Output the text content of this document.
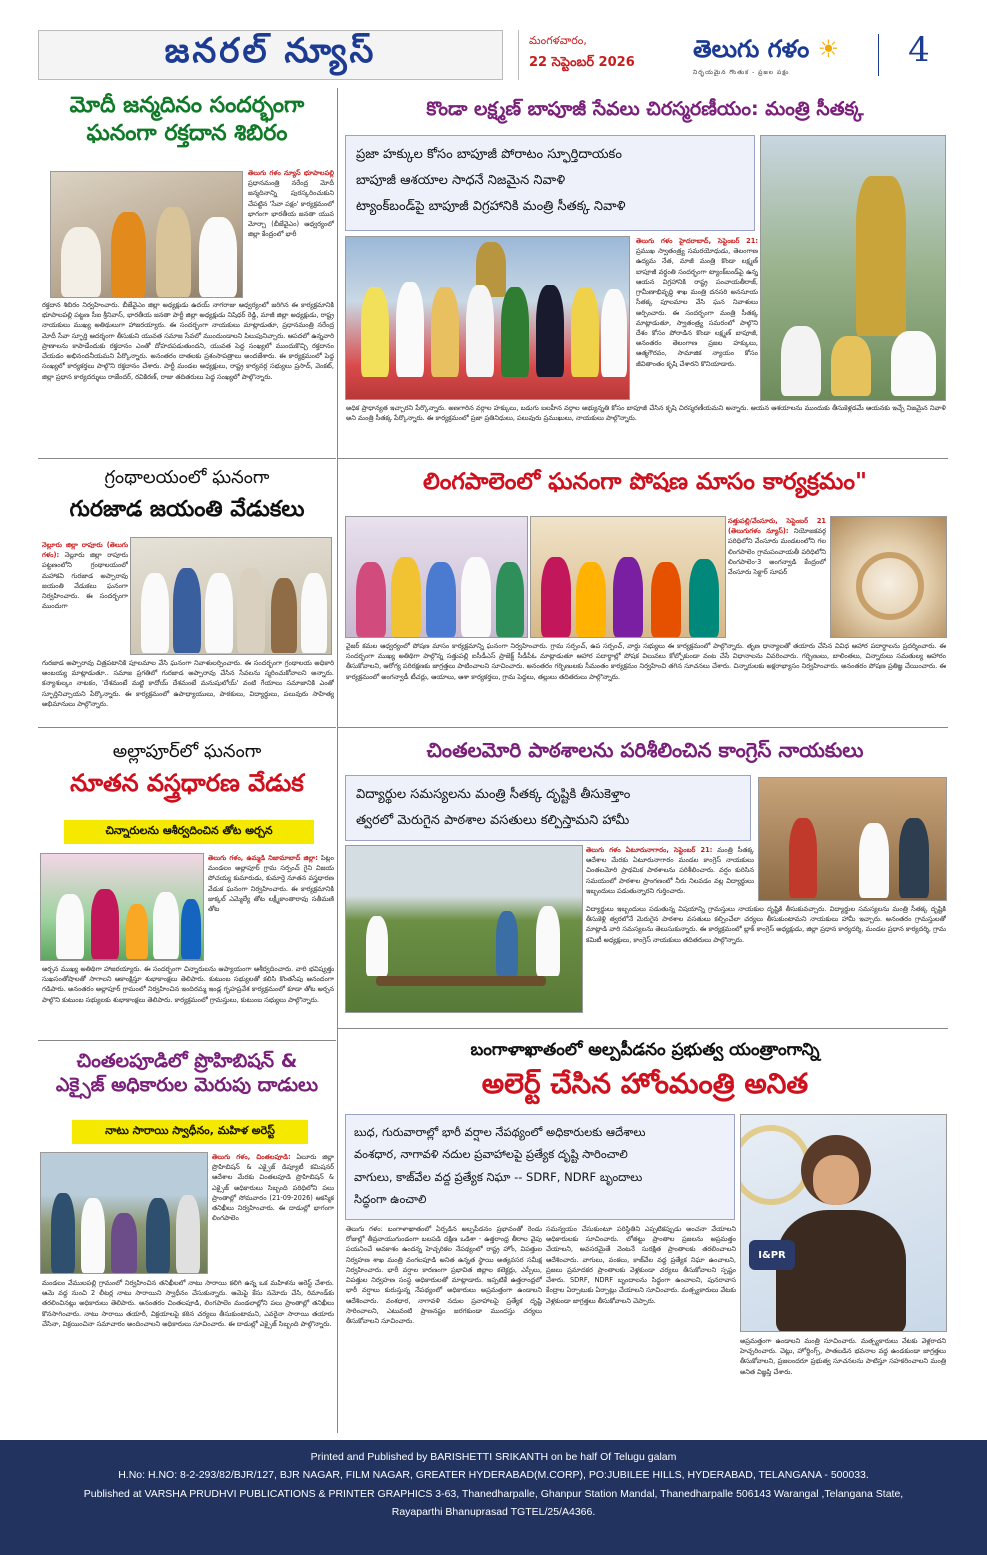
జనరల్ న్యూస్	మంగళవారం,
22 సెప్టెంబర్ 2026	తెలుగు గళం ☀
నిర్భయమైన గొంతుక - ప్రజల పక్షం
4
మోదీ జన్మదినం సందర్భంగా
ఘనంగా రక్తదాన శిబిరం
తెలుగు గళం న్యూస్ భూపాలపల్లి ప్రధానమంత్రి నరేంద్ర మోదీ జన్మదినాన్ని పురస్కరించుకుని చేపట్టిన 'సేవా పక్షం' కార్యక్రమంలో భాగంగా భారతీయ జనతా యువ మోర్చా (బీజేవైఎం) ఆధ్వర్యంలో జిల్లా కేంద్రంలో భారీ
రక్తదాన శిబిరం నిర్వహించారు. బీజేవైఎం జిల్లా అధ్యక్షుడు ఉదయ్ నాగరాజు ఆధ్వర్యంలో జరిగిన ఈ కార్యక్రమానికి భూపాలపల్లి పట్టణ సీఐ శ్రీనివాస్, భారతీయ జనతా పార్టీ జిల్లా అధ్యక్షుడు నిషిధర్ రెడ్డి, మాజీ జిల్లా అధ్యక్షుడు, రాష్ట్ర నాయకులు ముఖ్య అతిథులుగా హాజరయ్యారు. ఈ సందర్భంగా నాయకులు మాట్లాడుతూ, ప్రధానమంత్రి నరేంద్ర మోదీ సేవా స్ఫూర్తి ఆదర్శంగా తీసుకుని యువత సమాజ సేవలో ముందుండాలని పిలుపునిచ్చారు. ఆపదలో ఉన్నవారి ప్రాణాలను కాపాడేందుకు రక్తదానం ఎంతో దోహదపడుతుందని, యువత పెద్ద సంఖ్యలో ముందుకొచ్చి రక్తదానం చేయడం అభినందనీయమని పేర్కొన్నారు. అనంతరం దాతలకు ప్రశంసాపత్రాలు అందజేశారు. ఈ కార్యక్రమంలో పెద్ద సంఖ్యలో కార్యకర్తలు పాల్గొని రక్తదానం చేశారు. పార్టీ మండల అధ్యక్షులు, రాష్ట్ర కార్యవర్గ సభ్యులు ప్రసాద్, వెంకట్, జిల్లా ప్రధాన కార్యదర్శులు రాజేందర్, రవికిరణ్, రాజు తదితరులు పెద్ద సంఖ్యలో పాల్గొన్నారు.
కొండా లక్ష్మణ్ బాపూజీ సేవలు చిరస్మరణీయం: మంత్రి సీతక్క
ప్రజా హక్కుల కోసం బాపూజీ పోరాటం స్ఫూర్తిదాయకం
బాపూజీ ఆశయాల సాధనే నిజమైన నివాళి
ట్యాంక్‌బండ్‌పై బాపూజీ విగ్రహానికి మంత్రి సీతక్క నివాళి
తెలుగు గళం హైదరాబాద్, సెప్టెంబర్ 21: ప్రముఖ స్వాతంత్ర్య సమరయోధుడు, తెలంగాణ ఉద్యమ నేత, మాజీ మంత్రి కొండా లక్ష్మణ్ బాపూజీ వర్ధంతి సందర్భంగా ట్యాంక్‌బండ్‌పై ఉన్న ఆయన విగ్రహానికి రాష్ట్ర పంచాయతీరాజ్, గ్రామీణాభివృద్ధి శాఖ మంత్రి దనసరి అనసూయ సీతక్క పూలమాల వేసి ఘన నివాళులు అర్పించారు. ఈ సందర్భంగా మంత్రి సీతక్క మాట్లాడుతూ, స్వాతంత్ర్య సమరంలో పాల్గొని దేశం కోసం పోరాడిన కొండా లక్ష్మణ్ బాపూజీ, అనంతరం తెలంగాణ ప్రజల హక్కులు, ఆత్మగౌరవం, సామాజిక న్యాయం కోసం జీవితాంతం కృషి చేశారని కొనియాడారు.
అధిక ప్రాధాన్యత ఇచ్చారని పేర్కొన్నారు. అణగారిన వర్గాల హక్కులు, బడుగు బలహీన వర్గాల అభ్యున్నతి కోసం బాపూజీ చేసిన కృషి చిరస్మరణీయమని అన్నారు. ఆయన ఆశయాలను ముందుకు తీసుకెళ్లడమే ఆయనకు ఇచ్చే నిజమైన నివాళి అని మంత్రి సీతక్క పేర్కొన్నారు. ఈ కార్యక్రమంలో ప్రజా ప్రతినిధులు, పలువురు ప్రముఖులు, నాయకులు పాల్గొన్నారు.
గ్రంథాలయంలో ఘనంగా
గురజాడ జయంతి వేడుకలు
నెల్లూరు జిల్లా రాపూరు (తెలుగు గళం): నెల్లూరు జిల్లా రాపూరు పట్టణంలోని గ్రంథాలయంలో మహాకవి గురజాడ అప్పారావు జయంతి వేడుకలు ఘనంగా నిర్వహించారు. ఈ సందర్భంగా ముందుగా
గురజాడ అప్పారావు చిత్రపటానికి పూలమాల వేసి ఘనంగా నివాళులర్పించారు. ఈ సందర్భంగా గ్రంథాలయ అధికారి అంబయ్య మాట్లాడుతూ.. సమాజ ప్రగతిలో గురజాడ అప్పారావు చేసిన సేవలను స్మరించుకోవాలని అన్నారు. కన్యాశుల్కం నాటకం, 'దేశమంటే మట్టి కాదోయ్ దేశమంటే మనుషులోయ్' వంటి గేయాలు సమాజానికి ఎంతో స్ఫూర్తినిచ్చాయని పేర్కొన్నారు. ఈ కార్యక్రమంలో ఉపాధ్యాయులు, పాఠకులు, విద్యార్థులు, పలువురు సాహిత్య అభిమానులు పాల్గొన్నారు.
లింగపాలెంలో ఘనంగా పోషణ మాసం కార్యక్రమం"
సత్తుపల్లి/వేంసూరు, సెప్టెంబర్ 21 (తెలుగుగళం న్యూస్): నియోజకవర్గ పరిధిలోని వేంసూరు మండలంలోని గల లింగపాలెం గ్రామపంచాయతీ పరిధిలోని లింగపాలెం-3 అంగన్వాడి కేంద్రంలో వేంసూరు సెక్టార్ సూపర్
వైజర్ కమల ఆధ్వర్యంలో పోషణ మాసం కార్యక్రమాన్ని ఘనంగా నిర్వహించారు. గ్రామ సర్పంచ్, ఉప సర్పంచ్, వార్డు సభ్యులు ఈ కార్యక్రమంలో పాల్గొన్నారు. తృణ ధాన్యాలతో తయారు చేసిన వివిధ ఆహార పదార్థాలను ప్రదర్శించారు. ఈ సందర్భంగా ముఖ్య అతిథిగా పాల్గొన్న సత్తుపల్లి ఐసీడీఎస్ ప్రాజెక్ట్ సీడీపీఓ మాట్లాడుతూ ఆహార పదార్థాల్లో పోషక విలువలు కోల్పోకుండా వంట చేసే విధానాలను వివరించారు. గర్భిణులు, బాలింతలు, చిన్నారులు సమతుల్య ఆహారం తీసుకోవాలని, ఆరోగ్య పరిరక్షణకు జాగ్రత్తలు పాటించాలని సూచించారు. అనంతరం గర్భిణులకు సీమంతం కార్యక్రమం నిర్వహించి తగిన సూచనలు చేశారు. చిన్నారులకు అక్షరాభ్యాసం నిర్వహించారు. అనంతరం పోషణ ప్రతిజ్ఞ చేయించారు. ఈ కార్యక్రమంలో అంగన్వాడీ టీచర్లు, ఆయాలు, ఆశా కార్యకర్తలు, గ్రామ పెద్దలు, తల్లులు తదితరులు పాల్గొన్నారు.
అల్లాపూర్‌లో ఘనంగా
నూతన వస్త్రధారణ వేడుక
చిన్నారులను ఆశీర్వదించిన తోట అర్చన
తెలుగు గళం, ఉమ్మడి నిజామాబాద్ జిల్లా: పిట్లం మండలం అల్లాపూర్ గ్రామ సర్పంచ్ గైని విజయ పోచయ్య కుమారుడు, కుమార్తె నూతన వస్త్రధారణ వేడుక ఘనంగా నిర్వహించారు. ఈ కార్యక్రమానికి జుక్కల్ ఎమ్మెల్యే తోట లక్ష్మీకాంతారావు సతీమణి తోట
అర్చన ముఖ్య అతిథిగా హాజరయ్యారు. ఈ సందర్భంగా చిన్నారులను ఆప్యాయంగా ఆశీర్వదించారు. వారి భవిష్యత్తు సుఖసంతోషాలతో సాగాలని ఆకాంక్షిస్తూ శుభాకాంక్షలు తెలిపారు. కుటుంబ సభ్యులతో కలిసి కొంతసేపు ఆనందంగా గడిపారు. అనంతరం అల్లాపూర్ గ్రామంలో నిర్వహించిన ఇందిరమ్మ ఇండ్ల గృహప్రవేశ కార్యక్రమంలో కూడా తోట అర్చన పాల్గొని కుటుంబ సభ్యులకు శుభాకాంక్షలు తెలిపారు. కార్యక్రమంలో గ్రామస్తులు, కుటుంబ సభ్యులు పాల్గొన్నారు.
చింతలమోరి పాఠశాలను పరిశీలించిన కాంగ్రెస్ నాయకులు
విద్యార్థుల సమస్యలను మంత్రి సీతక్క దృష్టికి తీసుకెళ్తాం
త్వరలో మెరుగైన పాఠశాల వసతులు కల్పిస్తామని హామీ
తెలుగు గళం ఏటూరునాగారం, సెప్టెంబర్ 21: మంత్రి సీతక్క ఆదేశాల మేరకు ఏటూరునాగారం మండల కాంగ్రెస్ నాయకులు చింతలమోరి ప్రాథమిక పాఠశాలను పరిశీలించారు. వర్షం కురిసిన సమయంలో పాఠశాల ప్రాంగణంలో నీరు నిలవడం వల్ల విద్యార్థులు ఇబ్బందులు పడుతున్నారని గుర్తించారు.
విద్యార్థులు ఇబ్బందులు పడుతున్న విషయాన్ని గ్రామస్తులు నాయకుల దృష్టికి తీసుకువచ్చారు. విద్యార్థుల సమస్యలను మంత్రి సీతక్క దృష్టికి తీసుకెళ్లి త్వరలోనే మెరుగైన పాఠశాల వసతులు కల్పించేలా చర్యలు తీసుకుంటామని నాయకులు హామీ ఇచ్చారు. అనంతరం గ్రామస్తులతో మాట్లాడి వారి సమస్యలను తెలుసుకున్నారు. ఈ కార్యక్రమంలో బ్లాక్ కాంగ్రెస్ అధ్యక్షుడు, జిల్లా ప్రధాన కార్యదర్శి, మండల ప్రధాన కార్యదర్శి, గ్రామ కమిటీ అధ్యక్షులు, కాంగ్రెస్ నాయకులు తదితరులు పాల్గొన్నారు.
చింతలపూడిలో ప్రొహిబిషన్ &
ఎక్సైజ్ అధికారుల మెరుపు దాడులు
నాటు సారాయి స్వాధీనం, మహిళ అరెస్ట్
తెలుగు గళం, చింతలపూడి: ఏలూరు జిల్లా ప్రొహిబిషన్ & ఎక్సైజ్ డిప్యూటీ కమిషనర్ ఆదేశాల మేరకు చింతలపూడి ప్రొహిబిషన్ & ఎక్సైజ్ అధికారులు సిబ్బంది పరిధిలోని పలు ప్రాంతాల్లో సోమవారం (21-09-2026) ఆకస్మిక తనిఖీలు నిర్వహించారు. ఈ దాడుల్లో భాగంగా లింగపాలెం
మండలం వేములపల్లి గ్రామంలో నిర్వహించిన తనిఖీలలో నాటు సారాయి కలిగి ఉన్న ఒక మహిళను అరెస్ట్ చేశారు. ఆమె వద్ద నుంచి 2 లీటర్ల నాటు సారాయిని స్వాధీనం చేసుకున్నారు. ఆమెపై కేసు నమోదు చేసి, రిమాండ్‌కు తరలించినట్లు అధికారులు తెలిపారు. అనంతరం చింతలపూడి, లింగపాలెం మండలాల్లోని పలు ప్రాంతాల్లో తనిఖీలు కొనసాగించారు. నాటు సారాయి తయారీ, విక్రయాలపై కఠిన చర్యలు తీసుకుంటామని, ఎవరైనా సారాయి తయారు చేసినా, విక్రయించినా సమాచారం అందించాలని అధికారులు సూచించారు. ఈ దాడుల్లో ఎక్సైజ్ సిబ్బంది పాల్గొన్నారు.
బంగాళాఖాతంలో అల్పపీడనం ప్రభుత్వ యంత్రాంగాన్ని
అలెర్ట్ చేసిన హోంమంత్రి అనిత
బుధ, గురువారాల్లో భారీ వర్షాల నేపథ్యంలో అధికారులకు ఆదేశాలు
వంశధార, నాగావళి నదుల ప్రవాహాలపై ప్రత్యేక దృష్టి సారించాలి
వాగులు, కాజ్‌వేల వద్ద ప్రత్యేక నిఘా -- SDRF, NDRF బృందాలు
సిద్ధంగా ఉంచాలి
I&PR
తెలుగు గళం: బంగాళాఖాతంలో ఏర్పడిన అల్పపీడనం ప్రభావంతో రెండు రోజుల్లో తీవ్రవాయుగుండంగా బలపడి దక్షిణ ఒడిశా - ఉత్తరాంధ్ర తీరాల వైపు పయనించే అవకాశం ఉందన్న హెచ్చరికల నేపథ్యంలో రాష్ట్ర హోం, విపత్తుల నిర్వహణ శాఖ మంత్రి వంగలపూడి అనిత ఉన్నత స్థాయి అత్యవసర సమీక్ష నిర్వహించారు. భారీ వర్షాల కారణంగా ప్రభావిత జిల్లాల కలెక్టర్లు, ఎస్పీలు, విపత్తుల నిర్వహణ సంస్థ అధికారులతో మాట్లాడారు. ఇప్పటికే ఉత్తరాంధ్రలో భారీ వర్షాలు కురుస్తున్న నేపథ్యంలో అధికారులు అప్రమత్తంగా ఉండాలని ఆదేశించారు. వంశధార, నాగావళి నదుల ప్రవాహాలపై ప్రత్యేక దృష్టి సారించాలని, ఎటువంటి ప్రాణనష్టం జరగకుండా ముందస్తు చర్యలు తీసుకోవాలని సూచించారు.
సమన్వయం చేసుకుంటూ పరిస్థితిని ఎప్పటికప్పుడు అంచనా వేయాలని అధికారులకు సూచించారు. లోతట్టు ప్రాంతాల ప్రజలను అప్రమత్తం చేయాలని, అవసరమైతే వెంటనే సురక్షిత ప్రాంతాలకు తరలించాలని ఆదేశించారు. వాగులు, వంకలు, కాజ్‌వేల వద్ద ప్రత్యేక నిఘా ఉంచాలని, ప్రజలు ప్రమాదకర ప్రాంతాలకు వెళ్లకుండా చర్యలు తీసుకోవాలని స్పష్టం చేశారు. SDRF, NDRF బృందాలను సిద్ధంగా ఉంచాలని, పునరావాస కేంద్రాల ఏర్పాటుకు ఏర్పాట్లు చేయాలని సూచించారు. మత్స్యకారులు వేటకు వెళ్లకుండా జాగ్రత్తలు తీసుకోవాలని చెప్పారు.
అప్రమత్తంగా ఉండాలని మంత్రి సూచించారు. మత్స్యకారులు వేటకు వెళ్లరాదని హెచ్చరించారు. చెట్లు, హోర్డింగ్స్, పాతబడిన భవనాల వద్ద ఉండకుండా జాగ్రత్తలు తీసుకోవాలని, ప్రజలందరూ ప్రభుత్వ సూచనలను పాటిస్తూ సహకరించాలని మంత్రి అనిత విజ్ఞప్తి చేశారు.
Printed and Published by BARISHETTI SRIKANTH on be half Of Telugu galam
H.No: H.NO: 8-2-293/82/BJR/127, BJR NAGAR, FILM NAGAR, GREATER HYDERABAD(M.CORP), PO:JUBILEE HILLS, HYDERABAD, TELANGANA - 500033.
Published at VARSHA PRUDHVI PUBLICATIONS & PRINTER GRAPHICS 3-63, Thanedharpalle, Ghanpur Station Mandal, Thanedharpalle 506143 Warangal ,Telangana State,
Rayaparthi Bhanuprasad TGTEL/25/A4366.
